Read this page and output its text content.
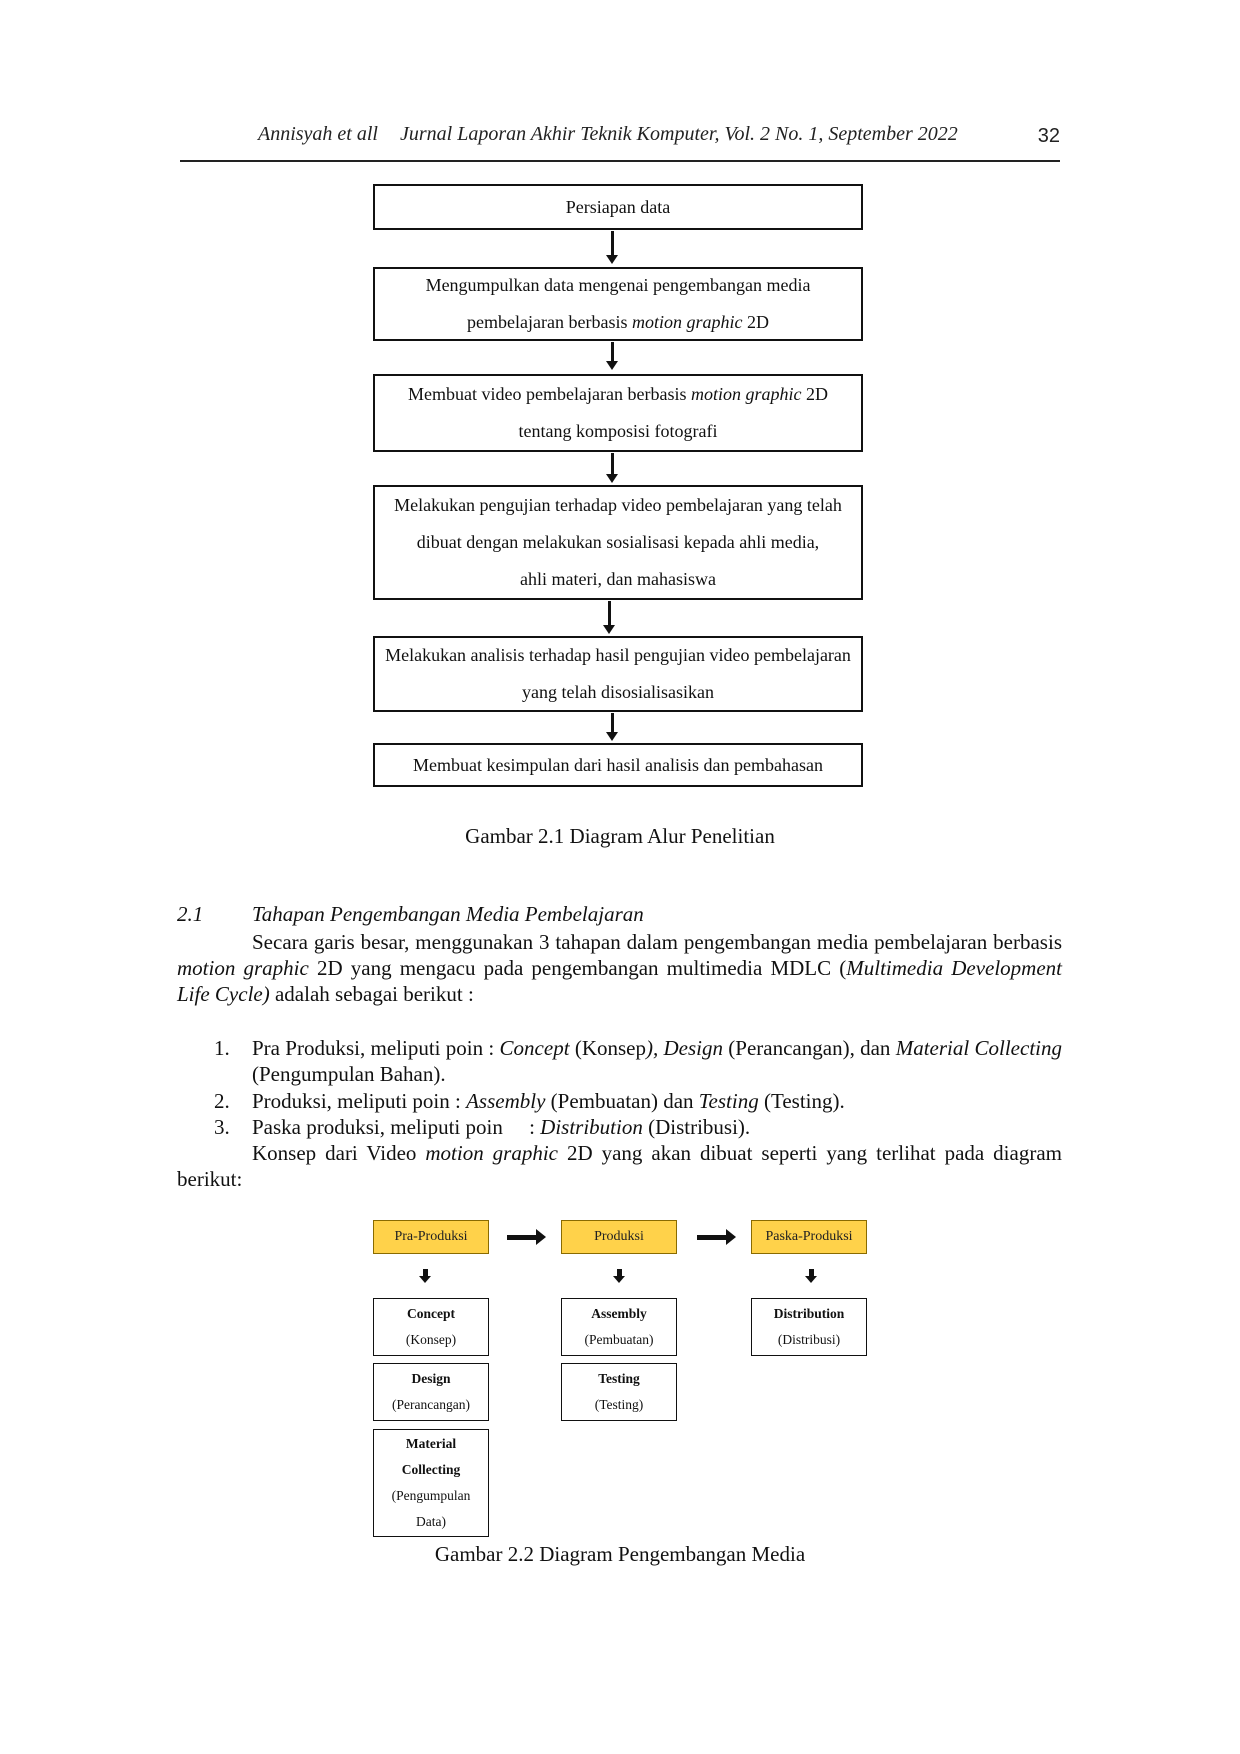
Annisyah et all Jurnal Laporan Akhir Teknik Komputer, Vol. 2 No. 1, September 2022	32
Persiapan data
Mengumpulkan data mengenai pengembangan media
pembelajaran berbasis motion graphic 2D
Membuat video pembelajaran berbasis motion graphic 2D
tentang komposisi fotografi
Melakukan pengujian terhadap video pembelajaran yang telah
dibuat dengan melakukan sosialisasi kepada ahli media,
ahli materi, dan mahasiswa
Melakukan analisis terhadap hasil pengujian video pembelajaran
yang telah disosialisasikan
Membuat kesimpulan dari hasil analisis dan pembahasan
Gambar 2.1 Diagram Alur Penelitian
2.1 Tahapan Pengembangan Media Pembelajaran
Secara garis besar, menggunakan 3 tahapan dalam pengembangan media pembelajaran berbasis motion graphic 2D yang mengacu pada pengembangan multimedia MDLC (Multimedia Development Life Cycle) adalah sebagai berikut :
1. Pra Produksi, meliputi poin : Concept (Konsep), Design (Perancangan), dan Material Collecting (Pengumpulan Bahan).
2. Produksi, meliputi poin : Assembly (Pembuatan) dan Testing (Testing).
3. Paska produksi, meliputi poin     : Distribution (Distribusi).
Konsep dari Video motion graphic 2D yang akan dibuat seperti yang terlihat pada diagram berikut:
Pra-Produksi	Produksi	Paska-Produksi
Concept
(Konsep)
Design
(Perancangan)
Material
Collecting
(Pengumpulan
Data)
Assembly
(Pembuatan)
Testing
(Testing)
Distribution
(Distribusi)
Gambar 2.2 Diagram Pengembangan Media
